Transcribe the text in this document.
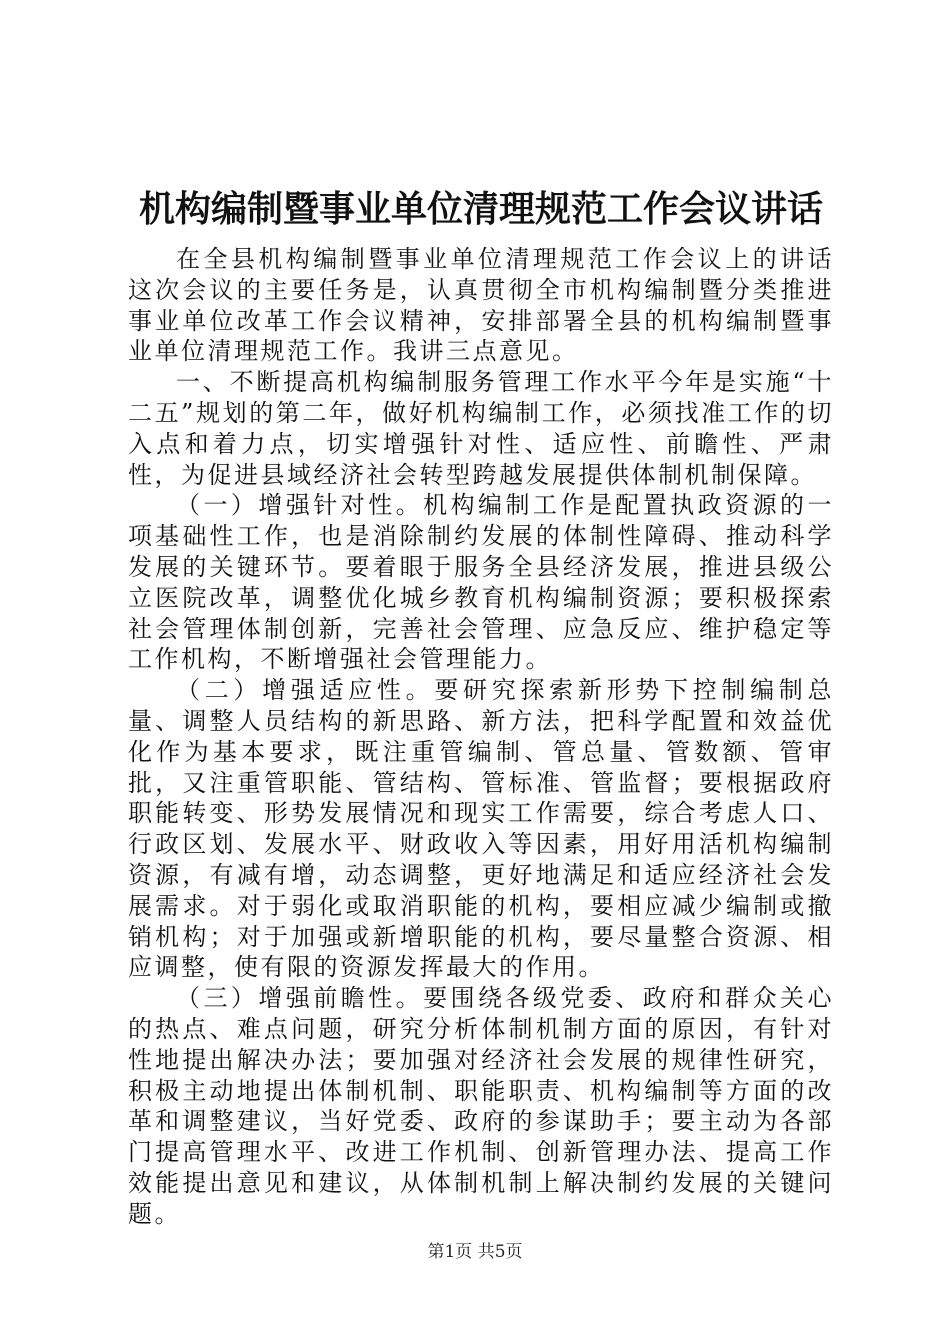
机构编制暨事业单位清理规范工作会议讲话

在全县机构编制暨事业单位清理规范工作会议上的讲话这次会议的主要任务是，认真贯彻全市机构编制暨分类推进事业单位改革工作会议精神，安排部署全县的机构编制暨事业单位清理规范工作。我讲三点意见。

一、不断提高机构编制服务管理工作水平今年是实施“十二五”规划的第二年，做好机构编制工作，必须找准工作的切入点和着力点，切实增强针对性、适应性、前瞻性、严肃性，为促进县域经济社会转型跨越发展提供体制机制保障。

（一）增强针对性。机构编制工作是配置执政资源的一项基础性工作，也是消除制约发展的体制性障碍、推动科学发展的关键环节。要着眼于服务全县经济发展，推进县级公立医院改革，调整优化城乡教育机构编制资源；要积极探索社会管理体制创新，完善社会管理、应急反应、维护稳定等工作机构，不断增强社会管理能力。

（二）增强适应性。要研究探索新形势下控制编制总量、调整人员结构的新思路、新方法，把科学配置和效益优化作为基本要求，既注重管编制、管总量、管数额、管审批，又注重管职能、管结构、管标准、管监督；要根据政府职能转变、形势发展情况和现实工作需要，综合考虑人口、行政区划、发展水平、财政收入等因素，用好用活机构编制资源，有减有增，动态调整，更好地满足和适应经济社会发展需求。对于弱化或取消职能的机构，要相应减少编制或撤销机构；对于加强或新增职能的机构，要尽量整合资源、相应调整，使有限的资源发挥最大的作用。

（三）增强前瞻性。要围绕各级党委、政府和群众关心的热点、难点问题，研究分析体制机制方面的原因，有针对性地提出解决办法；要加强对经济社会发展的规律性研究，积极主动地提出体制机制、职能职责、机构编制等方面的改革和调整建议，当好党委、政府的参谋助手；要主动为各部门提高管理水平、改进工作机制、创新管理办法、提高工作效能提出意见和建议，从体制机制上解决制约发展的关键问题。

第1页 共5页
